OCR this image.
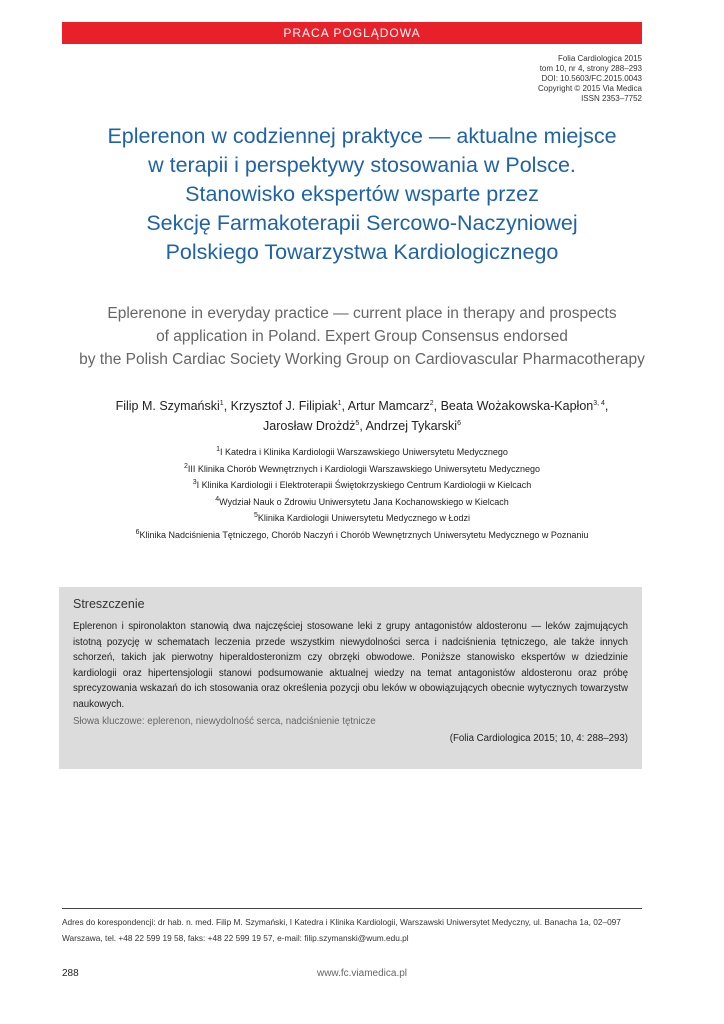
PRACA POGLĄDOWA
Folia Cardiologica 2015
tom 10, nr 4, strony 288–293
DOI: 10.5603/FC.2015.0043
Copyright © 2015 Via Medica
ISSN 2353–7752
Eplerenon w codziennej praktyce — aktualne miejsce
w terapii i perspektywy stosowania w Polsce.
Stanowisko ekspertów wsparte przez
Sekcję Farmakoterapii Sercowo-Naczyniowej
Polskiego Towarzystwa Kardiologicznego
Eplerenone in everyday practice — current place in therapy and prospects
of application in Poland. Expert Group Consensus endorsed
by the Polish Cardiac Society Working Group on Cardiovascular Pharmacotherapy
Filip M. Szymański$^1$, Krzysztof J. Filipiak$^1$, Artur Mamcarz$^2$, Beata Wożakowska-Kapłon$^{3, 4}$,
Jarosław Drożdż$^5$, Andrzej Tykarski$^6$
$^1$I Katedra i Klinika Kardiologii Warszawskiego Uniwersytetu Medycznego
$^2$III Klinika Chorób Wewnętrznych i Kardiologii Warszawskiego Uniwersytetu Medycznego
$^3$I Klinika Kardiologii i Elektroterapii Świętokrzyskiego Centrum Kardiologii w Kielcach
$^4$Wydział Nauk o Zdrowiu Uniwersytetu Jana Kochanowskiego w Kielcach
$^5$Klinika Kardiologii Uniwersytetu Medycznego w Łodzi
$^6$Klinika Nadciśnienia Tętniczego, Chorób Naczyń i Chorób Wewnętrznych Uniwersytetu Medycznego w Poznaniu
Streszczenie
Eplerenon i spironolakton stanowią dwa najczęściej stosowane leki z grupy antagonistów aldosteronu — leków zajmujących istotną pozycję w schematach leczenia przede wszystkim niewydolności serca i nadciśnienia tętniczego, ale także innych schorzeń, takich jak pierwotny hiperaldosteronizm czy obrzęki obwodowe. Poniższe stanowisko ekspertów w dziedzinie kardiologii oraz hipertensjologii stanowi podsumowanie aktualnej wiedzy na temat antagonistów aldosteronu oraz próbę sprecyzowania wskazań do ich stosowania oraz określenia pozycji obu leków w obowiązujących obecnie wytycznych towarzystw naukowych.
Słowa kluczowe: eplerenon, niewydolność serca, nadciśnienie tętnicze
(Folia Cardiologica 2015; 10, 4: 288–293)
Adres do korespondencji: dr hab. n. med. Filip M. Szymański, I Katedra i Klinika Kardiologii, Warszawski Uniwersytet Medyczny, ul. Banacha 1a, 02–097 Warszawa, tel. +48 22 599 19 58, faks: +48 22 599 19 57, e-mail: filip.szymanski@wum.edu.pl
288	www.fc.viamedica.pl
